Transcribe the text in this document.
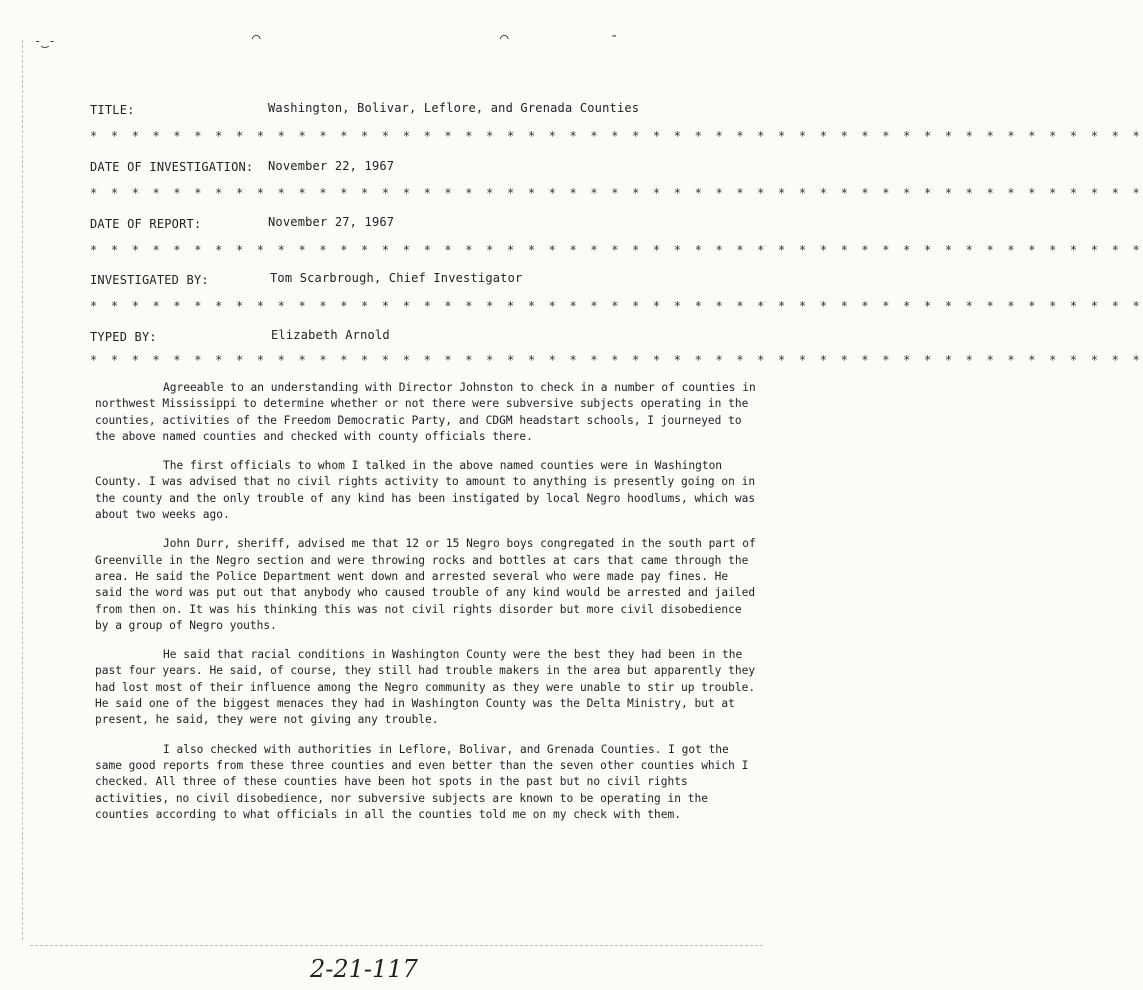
⌒	⌒	-
-‿-
TITLE:	Washington, Bolivar, Leflore, and Grenada Counties
* * * * * * * * * * * * * * * * * * * * * * * * * * * * * * * * * * * * * * * * * * * * * * * * * * *
DATE OF INVESTIGATION: November 22, 1967
* * * * * * * * * * * * * * * * * * * * * * * * * * * * * * * * * * * * * * * * * * * * * * * * * * *
DATE OF REPORT:	November 27, 1967
* * * * * * * * * * * * * * * * * * * * * * * * * * * * * * * * * * * * * * * * * * * * * * * * * * *
INVESTIGATED BY:	Tom Scarbrough, Chief Investigator
* * * * * * * * * * * * * * * * * * * * * * * * * * * * * * * * * * * * * * * * * * * * * * * * * * *
TYPED BY:	Elizabeth Arnold
* * * * * * * * * * * * * * * * * * * * * * * * * * * * * * * * * * * * * * * * * * * * * * * * * * *

Agreeable to an understanding with Director Johnston to check in a number of counties in northwest Mississippi to determine whether or not there were subversive subjects operating in the counties, activities of the Freedom Democratic Party, and CDGM headstart schools, I journeyed to the above named counties and checked with county officials there.

The first officials to whom I talked in the above named counties were in Washington County. I was advised that no civil rights activity to amount to anything is presently going on in the county and the only trouble of any kind has been instigated by local Negro hoodlums, which was about two weeks ago.

John Durr, sheriff, advised me that 12 or 15 Negro boys congregated in the south part of Greenville in the Negro section and were throwing rocks and bottles at cars that came through the area. He said the Police Department went down and arrested several who were made pay fines. He said the word was put out that anybody who caused trouble of any kind would be arrested and jailed from then on. It was his thinking this was not civil rights disorder but more civil disobedience by a group of Negro youths.

He said that racial conditions in Washington County were the best they had been in the past four years. He said, of course, they still had trouble makers in the area but apparently they had lost most of their influence among the Negro community as they were unable to stir up trouble. He said one of the biggest menaces they had in Washington County was the Delta Ministry, but at present, he said, they were not giving any trouble.

I also checked with authorities in Leflore, Bolivar, and Grenada Counties. I got the same good reports from these three counties and even better than the seven other counties which I checked. All three of these counties have been hot spots in the past but no civil rights activities, no civil disobedience, nor subversive subjects are known to be operating in the counties according to what officials in all the counties told me on my check with them.

2-21-117
